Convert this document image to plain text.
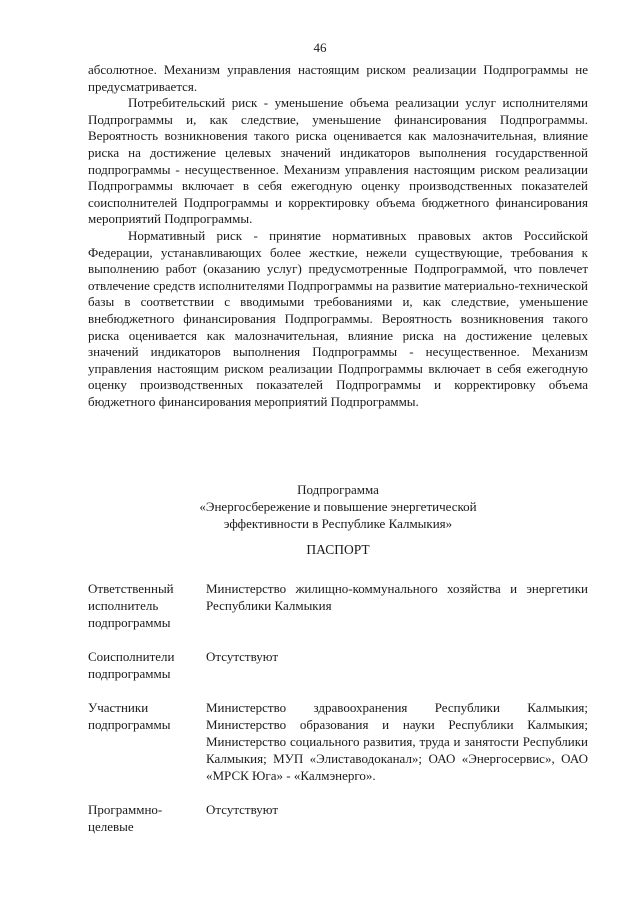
46

абсолютное. Механизм управления настоящим риском реализации Подпрограммы не предусматривается.

Потребительский риск - уменьшение объема реализации услуг исполнителями Подпрограммы и, как следствие, уменьшение финансирования Подпрограммы. Вероятность возникновения такого риска оценивается как малозначительная, влияние риска на достижение целевых значений индикаторов выполнения государственной подпрограммы - несущественное. Механизм управления настоящим риском реализации Подпрограммы включает в себя ежегодную оценку производственных показателей соисполнителей Подпрограммы и корректировку объема бюджетного финансирования мероприятий Подпрограммы.

Нормативный риск - принятие нормативных правовых актов Российской Федерации, устанавливающих более жесткие, нежели существующие, требования к выполнению работ (оказанию услуг) предусмотренные Подпрограммой, что повлечет отвлечение средств исполнителями Подпрограммы на развитие материально-технической базы в соответствии с вводимыми требованиями и, как следствие, уменьшение внебюджетного финансирования Подпрограммы. Вероятность возникновения такого риска оценивается как малозначительная, влияние риска на достижение целевых значений индикаторов выполнения Подпрограммы - несущественное. Механизм управления настоящим риском реализации Подпрограммы включает в себя ежегодную оценку производственных показателей Подпрограммы и корректировку объема бюджетного финансирования мероприятий Подпрограммы.

Подпрограмма
«Энергосбережение и повышение энергетической
эффективности в Республике Калмыкия»
ПАСПОРТ
Ответственный исполнитель подпрограммы
Министерство жилищно-коммунального хозяйства и энергетики Республики Калмыкия
Соисполнители подпрограммы
Отсутствуют
Участники подпрограммы
Министерство здравоохранения Республики Калмыкия; Министерство образования и науки Республики Калмыкия; Министерство социального развития, труда и занятости Республики Калмыкия; МУП «Элиставодоканал»; ОАО «Энергосервис», ОАО «МРСК Юга» - «Калмэнерго».
Программно-целевые
Отсутствуют
